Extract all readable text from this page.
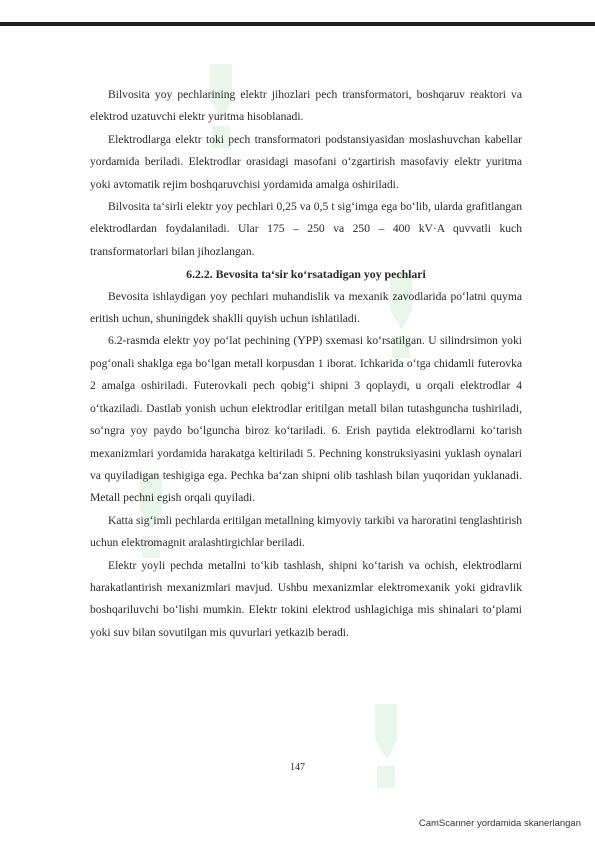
Bilvosita yoy pechlarining elektr jihozlari pech transformatori, boshqaruv reaktori va elektrod uzatuvchi elektr yuritma hisoblanadi.

Elektrodlarga elektr toki pech transformatori podstansiyasidan moslashuvchan kabellar yordamida beriladi. Elektrodlar orasidagi masofani o‘zgartirish masofaviy elektr yuritma yoki avtomatik rejim boshqaruvchisi yordamida amalga oshiriladi.

Bilvosita ta‘sirli elektr yoy pechlari 0,25 va 0,5 t sig‘imga ega bo‘lib, ularda grafitlangan elektrodlardan foydalaniladi. Ular 175 – 250 va 250 – 400 kV·A quvvatli kuch transformatorlari bilan jihozlangan.

6.2.2. Bevosita ta‘sir ko‘rsatadigan yoy pechlari

Bevosita ishlaydigan yoy pechlari muhandislik va mexanik zavodlarida po‘latni quyma eritish uchun, shuningdek shaklli quyish uchun ishlatiladi.

6.2-rasmda elektr yoy po‘lat pechining (YPP) sxemasi ko‘rsatilgan. U silindrsimon yoki pog‘onali shaklga ega bo‘lgan metall korpusdan 1 iborat. Ichkarida o‘tga chidamli futerovka 2 amalga oshiriladi. Futerovkali pech qobig‘i shipni 3 qoplaydi, u orqali elektrodlar 4 o‘tkaziladi. Dastlab yonish uchun elektrodlar eritilgan metall bilan tutashguncha tushiriladi, so‘ngra yoy paydo bo‘lguncha biroz ko‘tariladi. 6. Erish paytida elektrodlarni ko‘tarish mexanizmlari yordamida harakatga keltiriladi 5. Pechning konstruksiyasini yuklash oynalari va quyiladigan teshigiga ega. Pechka ba‘zan shipni olib tashlash bilan yuqoridan yuklanadi. Metall pechni egish orqali quyiladi.

Katta sig‘imli pechlarda eritilgan metallning kimyoviy tarkibi va haroratini tenglashtirish uchun elektromagnit aralashtirgichlar beriladi.

Elektr yoyli pechda metallni to‘kib tashlash, shipni ko‘tarish va ochish, elektrodlarni harakatlantirish mexanizmlari mavjud. Ushbu mexanizmlar elektromexanik yoki gidravlik boshqariluvchi bo‘lishi mumkin. Elektr tokini elektrod ushlagichiga mis shinalari to‘plami yoki suv bilan sovutilgan mis quvurlari yetkazib beradi.

147
CamScanner yordamida skanerlangan
